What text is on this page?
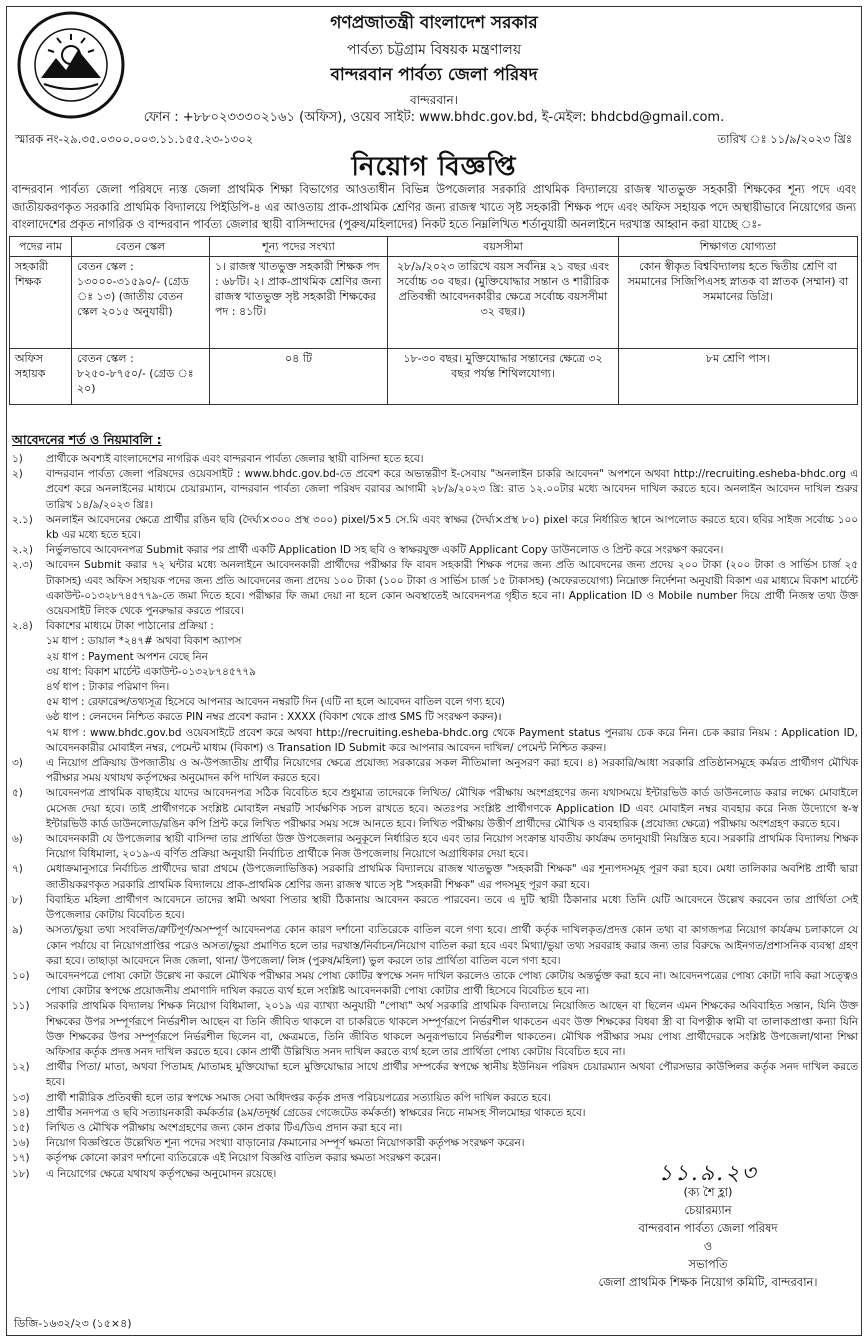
গণপ্রজাতন্ত্রী বাংলাদেশ সরকার
পার্বত্য চট্টগ্রাম বিষয়ক মন্ত্রণালয়
বান্দরবান পার্বত্য জেলা পরিষদ
বান্দরবান।
ফোন : +৮৮০২৩৩৩০২১৬১ (অফিস), ওয়েব সাইট: www.bhdc.gov.bd, ই-মেইল: bhdcbd@gmail.com.
স্মারক নং-২৯.৩৫.০৩০০.০০৩.১১.১৫৫.২৩-১৩০২	তারিখ ঃ ১১/৯/২০২৩ খ্রিঃ
নিয়োগ বিজ্ঞপ্তি
বান্দরবান পার্বত্য জেলা পরিষদে ন্যস্ত জেলা প্রাথমিক শিক্ষা বিভাগের আওতাধীন বিভিন্ন উপজেলার সরকারি প্রাথমিক বিদ্যালয়ে রাজস্ব খাতভুক্ত সহকারী শিক্ষকের শূন্য পদে এবং জাতীয়করণকৃত সরকারি প্রাথমিক বিদ্যালয়ে পিইডিপি-৪ এর আওতায় প্রাক-প্রাথমিক শ্রেণির জন্য রাজস্ব খাতে সৃষ্ট সহকারী শিক্ষক পদে এবং অফিস সহায়ক পদে অস্থায়ীভাবে নিয়োগের জন্য বাংলাদেশের প্রকৃত নাগরিক ও বান্দরবান পার্বত্য জেলার স্থায়ী বাসিন্দাদের (পুরুষ/মহিলাদের) নিকট হতে নিম্নলিখিত শর্তানুযায়ী অনলাইনে দরখাস্ত আহ্বান করা যাচ্ছে ঃ-
পদের নাম	বেতন স্কেল	শূন্য পদের সংখ্যা	বয়সসীমা	শিক্ষাগত যোগ্যতা
সহকারী শিক্ষক	বেতন স্কেল : ১৩০০০-৩১৫৯০/- (গ্রেড ঃ ১৩) (জাতীয় বেতন স্কেল ২০১৫ অনুযায়ী)	১। রাজস্ব খাতভুক্ত সহকারী শিক্ষক পদ : ৬৮টি। ২। প্রাক-প্রাথমিক শ্রেণির জন্য রাজস্ব খাতভুক্ত সৃষ্ট সহকারী শিক্ষকের পদ : ৪১টি।	২৮/৯/২০২৩ তারিখে বয়স সর্বনিম্ন ২১ বছর এবং সর্বোচ্চ ৩০ বছর। (মুক্তিযোদ্ধার সন্তান ও শারীরিক প্রতিবন্ধী আবেদনকারীর ক্ষেত্রে সর্বোচ্চ বয়সসীমা ৩২ বছর।)	কোন স্বীকৃত বিশ্ববিদ্যালয় হতে দ্বিতীয় শ্রেণি বা সমমানের সিজিপিএসহ স্নাতক বা স্নাতক (সম্মান) বা সমমানের ডিগ্রি।
অফিস সহায়ক	বেতন স্কেল : ৮২৫০-৮৭৫০/- (গ্রেড ঃ ২০)	০৪ টি	১৮-৩০ বছর। মুক্তিযোদ্ধার সন্তানের ক্ষেত্রে ৩২ বছর পর্যন্ত শিথিলযোগ্য।	৮ম শ্রেণি পাস।
আবেদনের শর্ত ও নিয়মাবলি :
১)	প্রার্থীকে অবশ্যই বাংলাদেশের নাগরিক এবং বান্দরবান পার্বত্য জেলার স্থায়ী বাসিন্দা হতে হবে।
২)	বান্দরবান পার্বত্য জেলা পরিষদের ওয়েবসাইট : www.bhdc.gov.bd-তে প্রবেশ করে অভ্যন্তরীণ ই-সেবায় "অনলাইন চাকরি আবেদন" অপশনে অথবা http://recruiting.esheba-bhdc.org এ প্রবেশ করে অনলাইনের মাধ্যমে চেয়ারম্যান, বান্দরবান পার্বত্য জেলা পরিষদ বরাবর আগামী ২৮/৯/২০২৩ খ্রি: রাত ১২.০০টার মধ্যে আবেদন দাখিল করতে হবে। অনলাইন আবেদন দাখিল শুরুর তারিখ ১৪/৯/২০২৩ খ্রিঃ।
২.১)	অনলাইন আবেদনের ক্ষেত্রে প্রার্থীর রঙিন ছবি (দৈর্ঘ্য×৩০০ প্রস্থ ৩০০) pixel/5×5 সে.মি এবং স্বাক্ষর (দৈর্ঘ্য×প্রস্থ ৮০) pixel করে নির্ধারিত স্থানে আপলোড করতে হবে। ছবির সাইজ সর্বোচ্চ ১০০ kb এর মধ্যে হতে হবে।
২.২)	নির্ভুলভাবে আবেদনপত্র Submit করার পর প্রার্থী একটি Application ID সহ ছবি ও স্বাক্ষরযুক্ত একটি Applicant Copy ডাউনলোড ও প্রিন্ট করে সংরক্ষণ করবেন।
২.৩)	আবেদন Submit করার ৭২ ঘন্টার মধ্যে অনলাইনে আবেদনকারী প্রার্থীদের পরীক্ষার ফি বাবদ সহকারী শিক্ষক পদের জন্য প্রতি আবেদনের জন্য প্রদেয় ২০০ টাকা (২০০ টাকা ও সার্ভিস চার্জ ২৫ টাকাসহ) এবং অফিস সহায়ক পদের জন্য প্রতি আবেদনের জন্য প্রদেয় ১০০ টাকা (১০০ টাকা ও সার্ভিস চার্জ ১৫ টাকাসহ) (অফেরতযোগ্য) নিম্নোক্ত নির্দেশনা অনুযায়ী বিকাশ এর মাধ্যমে বিকাশ মার্চেন্ট একাউন্ট-০১৩২৮৭৪৫৭৭৯-তে জমা দিতে হবে। পরীক্ষার ফি জমা দেয়া না হলে কোন অবস্থাতেই আবেদনপত্র গৃহীত হবে না। Application ID ও Mobile number দিয়ে প্রার্থী নিজস্ব তথ্য উক্ত ওয়েবসাইট লিংক থেকে পুনরুদ্ধার করতে পারবে।
২.৪)	বিকাশের মাধ্যমে টাকা পাঠানোর প্রক্রিয়া :
১ম ধাপ : ডায়াল *২৪৭# অথবা বিকাশ অ্যাপস
২য় ধাপ : Payment অপশন বেছে নিন
৩য় ধাপ: বিকাশ মার্চেন্ট একাউন্ট-০১৩২৮৭৪৫৭৭৯
৪র্থ ধাপ : টাকার পরিমাণ দিন।
৫ম ধাপ : রেফারেন্স/তথ্যসূত্র হিসেবে আপনার আবেদন নম্বরটি দিন (এটি না হলে আবেদন বাতিল বলে গণ্য হবে)
৬ষ্ঠ ধাপ : লেনদেন নিশ্চিত করতে PIN নম্বর প্রবেশ করান : XXXX (বিকাশ থেকে প্রাপ্ত SMS টি সংরক্ষণ করুন)।
৭ম ধাপ : www.bhdc.gov.bd ওয়েবসাইটে প্রবেশ করে অথবা http://recruiting.esheba-bhdc.org থেকে Payment status পুনরায় চেক করে নিন। চেক করার নিয়ম : Application ID, আবেদনকারীর মোবাইল নম্বর, পেমেন্ট মাধ্যম (বিকাশ) ও Transation ID Submit করে আপনার আবেদন দাখিল/ পেমেন্ট নিশ্চিত করুন।
৩)	এ নিয়োগ প্রক্রিয়ায় উপজাতীয় ও অ-উপজাতীয় প্রার্থীর নিয়োগের ক্ষেত্রে প্রযোজ্য সরকারের সকল নীতিমালা অনুসরণ করা হবে। ৪) সরকারি/আধা সরকারি প্রতিষ্ঠানসমূহে কর্মরত প্রার্থীগণ মৌখিক পরীক্ষার সময় যথাযথ কর্তৃপক্ষের অনুমোদন কপি দাখিল করতে হবে।
৫)	আবেদনপত্র প্রাথমিক বাছাইয়ে যাদের আবেদনপত্র সঠিক বিবেচিত হবে শুধুমাত্র তাদেরকে লিখিত/ মৌখিক পরীক্ষায় অংশগ্রহণের জন্য যথাসময়ে ইন্টারভিউ কার্ড ডাউনলোড করার লক্ষ্যে মোবাইলে মেসেজ দেয়া হবে। তাই প্রার্থীগণকে সংশ্লিষ্ট মোবাইল নম্বরটি সার্বক্ষণিক সচল রাখতে হবে। অতঃপর সংশ্লিষ্ট প্রার্থীগণকে Application ID এবং মোবাইল নম্বর ব্যবহার করে নিজ উদ্যোগে স্ব-স্ব ইন্টারভিউ কার্ড ডাউনলোড/রঙিন কপি প্রিন্ট করে লিখিত পরীক্ষার সময় সঙ্গে আনতে হবে। লিখিত পরীক্ষায় উত্তীর্ণ প্রার্থীদের মৌখিক ও ব্যবহারিক (প্রযোজ্য ক্ষেত্রে) পরীক্ষায় অংশগ্রহণ করতে হবে।
৬)	আবেদনকারী যে উপজেলার স্থায়ী বাসিন্দা তার প্রার্থিতা উক্ত উপজেলার অনুকূলে নির্ধারিত হবে এবং তার নিয়োগ সংক্রান্ত যাবতীয় কার্যক্রম তদানুযায়ী নিয়ন্ত্রিত হবে। সরকারি প্রাথমিক বিদ্যালয় শিক্ষক নিয়োগ বিধিমালা, ২০১৯-এ বর্ণিত প্রক্রিয়া অনুযায়ী নির্বাচিত প্রার্থীকে নিজ উপজেলায় নিয়োগে অগ্রাধিকার দেয়া হবে।
৭)	মেধাক্রমানুসারে নির্বাচিত প্রার্থীদের দ্বারা প্রথমে (উপজেলাভিত্তিক) সরকারি প্রাথমিক বিদ্যালয়ে রাজস্ব খাতভুক্ত "সহকারী শিক্ষক" এর শূন্যপদসমূহ পূরণ করা হবে। মেধা তালিকার অবশিষ্ট প্রার্থী দ্বারা জাতীয়করণকৃত সরকারি প্রাথমিক বিদ্যালয়ে প্রাক-প্রাথমিক শ্রেণির জন্য রাজস্ব খাতে সৃষ্ট "সহকারী শিক্ষক" এর পদসমূহ পূরণ করা হবে।
৮)	বিবাহিত মহিলা প্রার্থীগণ আবেদনে তাদের স্বামী অথবা পিতার স্থায়ী ঠিকানায় আবেদন করতে পারবেন। তবে এ দুটি স্থায়ী ঠিকানার মধ্যে তিনি যেটি আবেদনে উল্লেখ করবেন তার প্রার্থিতা সেই উপজেলার কোটায় বিবেচিত হবে।
৯)	অসত্য/ভুয়া তথ্য সংবলিত/ত্রুটিপূর্ণ/অসম্পূর্ণ আবেদনপত্র কোন কারণ দর্শানো ব্যতিরেকে বাতিল বলে গণ্য হবে। প্রার্থী কর্তৃক দাখিলকৃত/প্রদত্ত কোন তথ্য বা কাগজপত্র নিয়োগ কার্যক্রম চলাকালে যে কোন পর্যায়ে বা নিয়োগপ্রাপ্তির পরেও অসত্য/ভুয়া প্রমাণিত হলে তার দরখাস্ত/নির্বাচন/নিয়োগ বাতিল করা হবে এবং মিথ্যা/ভুয়া তথ্য সরবরাহ করার জন্য তার বিরুদ্ধে আইনগত/প্রশাসনিক ব্যবস্থা গ্রহণ করা হবে। তাছাড়া আবেদনে নিজ জেলা, থানা/ উপজেলা/ লিঙ্গ (পুরুষ/মহিলা) ভুল করলে তার প্রার্থিতা বাতিল বলে গণ্য হবে।
১০)	আবেদনপত্রে পোষ্য কোটা উল্লেখ না করলে মৌখিক পরীক্ষার সময় পোষ্য কোটির স্বপক্ষে সনদ দাখিল করলেও তাকে পোষ্য কোটায় অন্তর্ভুক্ত করা হবে না। আবেদনপত্রের পোষ্য কোটা দাবি করা সত্ত্বেও পোষ্য কোটার স্বপক্ষে প্রয়োজনীয় প্রমাণাদি দাখিল করতে ব্যর্থ হলে সংশ্লিষ্ট আবেদনকারী পোষ্য কোটার প্রার্থী হিসেবে বিবেচিত হবে না।
১১)	সরকারি প্রাথমিক বিদ্যালয় শিক্ষক নিয়োগ বিধিমালা, ২০১৯ এর ব্যাখ্যা অনুযায়ী "পোষ্য" অর্থ সরকারি প্রাথমিক বিদ্যালয়ে নিয়োজিত আছেন বা ছিলেন এমন শিক্ষকের অবিবাহিত সন্তান, যিনি উক্ত শিক্ষকের উপর সম্পূর্ণরূপে নির্ভরশীল আছেন বা তিনি জীবিত থাকলে বা চাকরিতে থাকলে সম্পূর্ণরূপে নির্ভরশীল থাকতেন এবং উক্ত শিক্ষকের বিধবা স্ত্রী বা বিপত্নীক স্বামী বা তালাকপ্রাপ্তা কন্যা যিনি উক্ত শিক্ষকের উপর সম্পূর্ণরূপে নির্ভরশীল ছিলেন বা, ক্ষেত্রমতে, তিনি জীবিত থাকলে অনুরূপভাবে নির্ভরশীল থাকতেন। মৌখিক পরীক্ষার সময় পোষ্য প্রার্থীদেরকে সংশ্লিষ্ট উপজেলা/থানা শিক্ষা অফিসার কর্তৃক প্রদত্ত সনদ দাখিল করতে হবে। কোন প্রার্থী উল্লিখিত সনদ দাখিল করতে ব্যর্থ হলে তার প্রার্থিতা পোষ্য কোটায় বিবেচিত হবে না।
১২)	প্রার্থীর পিতা/ মাতা, অথবা পিতামহ /মাতামহ মুক্তিযোদ্ধা হলে মুক্তিযোদ্ধার সাথে প্রার্থীর সম্পর্কের স্বপক্ষে স্থানীয় ইউনিয়ন পরিষদ চেয়ারম্যান অথবা পৌরসভার কাউন্সিলর কর্তৃক সনদ দাখিল করতে হবে।
১৩)	প্রার্থী শারীরিক প্রতিবন্ধী হলে তার স্বপক্ষে সমাজ সেবা অধিদপ্তর কর্তৃক প্রদত্ত পরিচয়পত্রের সত্যায়িত কপি দাখিল করতে হবে।
১৪)	প্রার্থীর সনদপত্র ও ছবি সত্যায়নকারী কর্মকর্তার (৯ম/তদূর্ধ্ব গ্রেডের গেজেটেড কর্মকর্তা) স্বাক্ষরের নিচে নামসহ সীলমোহর থাকতে হবে।
১৫)	লিখিত ও মৌখিক পরীক্ষায় অংশগ্রহণের জন্য কোন প্রকার টিএ/ডিএ প্রদান করা হবে না।
১৬)	নিয়োগ বিজ্ঞপ্তিতে উল্লেখিত শূন্য পদের সংখ্যা বাড়ানোর /কমানোর সম্পূর্ণ ক্ষমতা নিয়োগকারী কর্তৃপক্ষ সংরক্ষণ করেন।
১৭)	কর্তৃপক্ষ কোনো কারণ দর্শানো ব্যতিরেকে এই নিয়োগ বিজ্ঞপ্তি বাতিল করার ক্ষমতা সংরক্ষণ করেন।
১৮)	এ নিয়োগের ক্ষেত্রে যথাযথ কর্তৃপক্ষের অনুমোদন রয়েছে।	১১.৯.২৩
(ক্য শৈ হ্লা)
চেয়ারম্যান
বান্দরবান পার্বত্য জেলা পরিষদ
ও
সভাপতি
জেলা প্রাথমিক শিক্ষক নিয়োগ কমিটি, বান্দরবান।
ডিজি-১৬৩২/২৩ (১৫×৪)
